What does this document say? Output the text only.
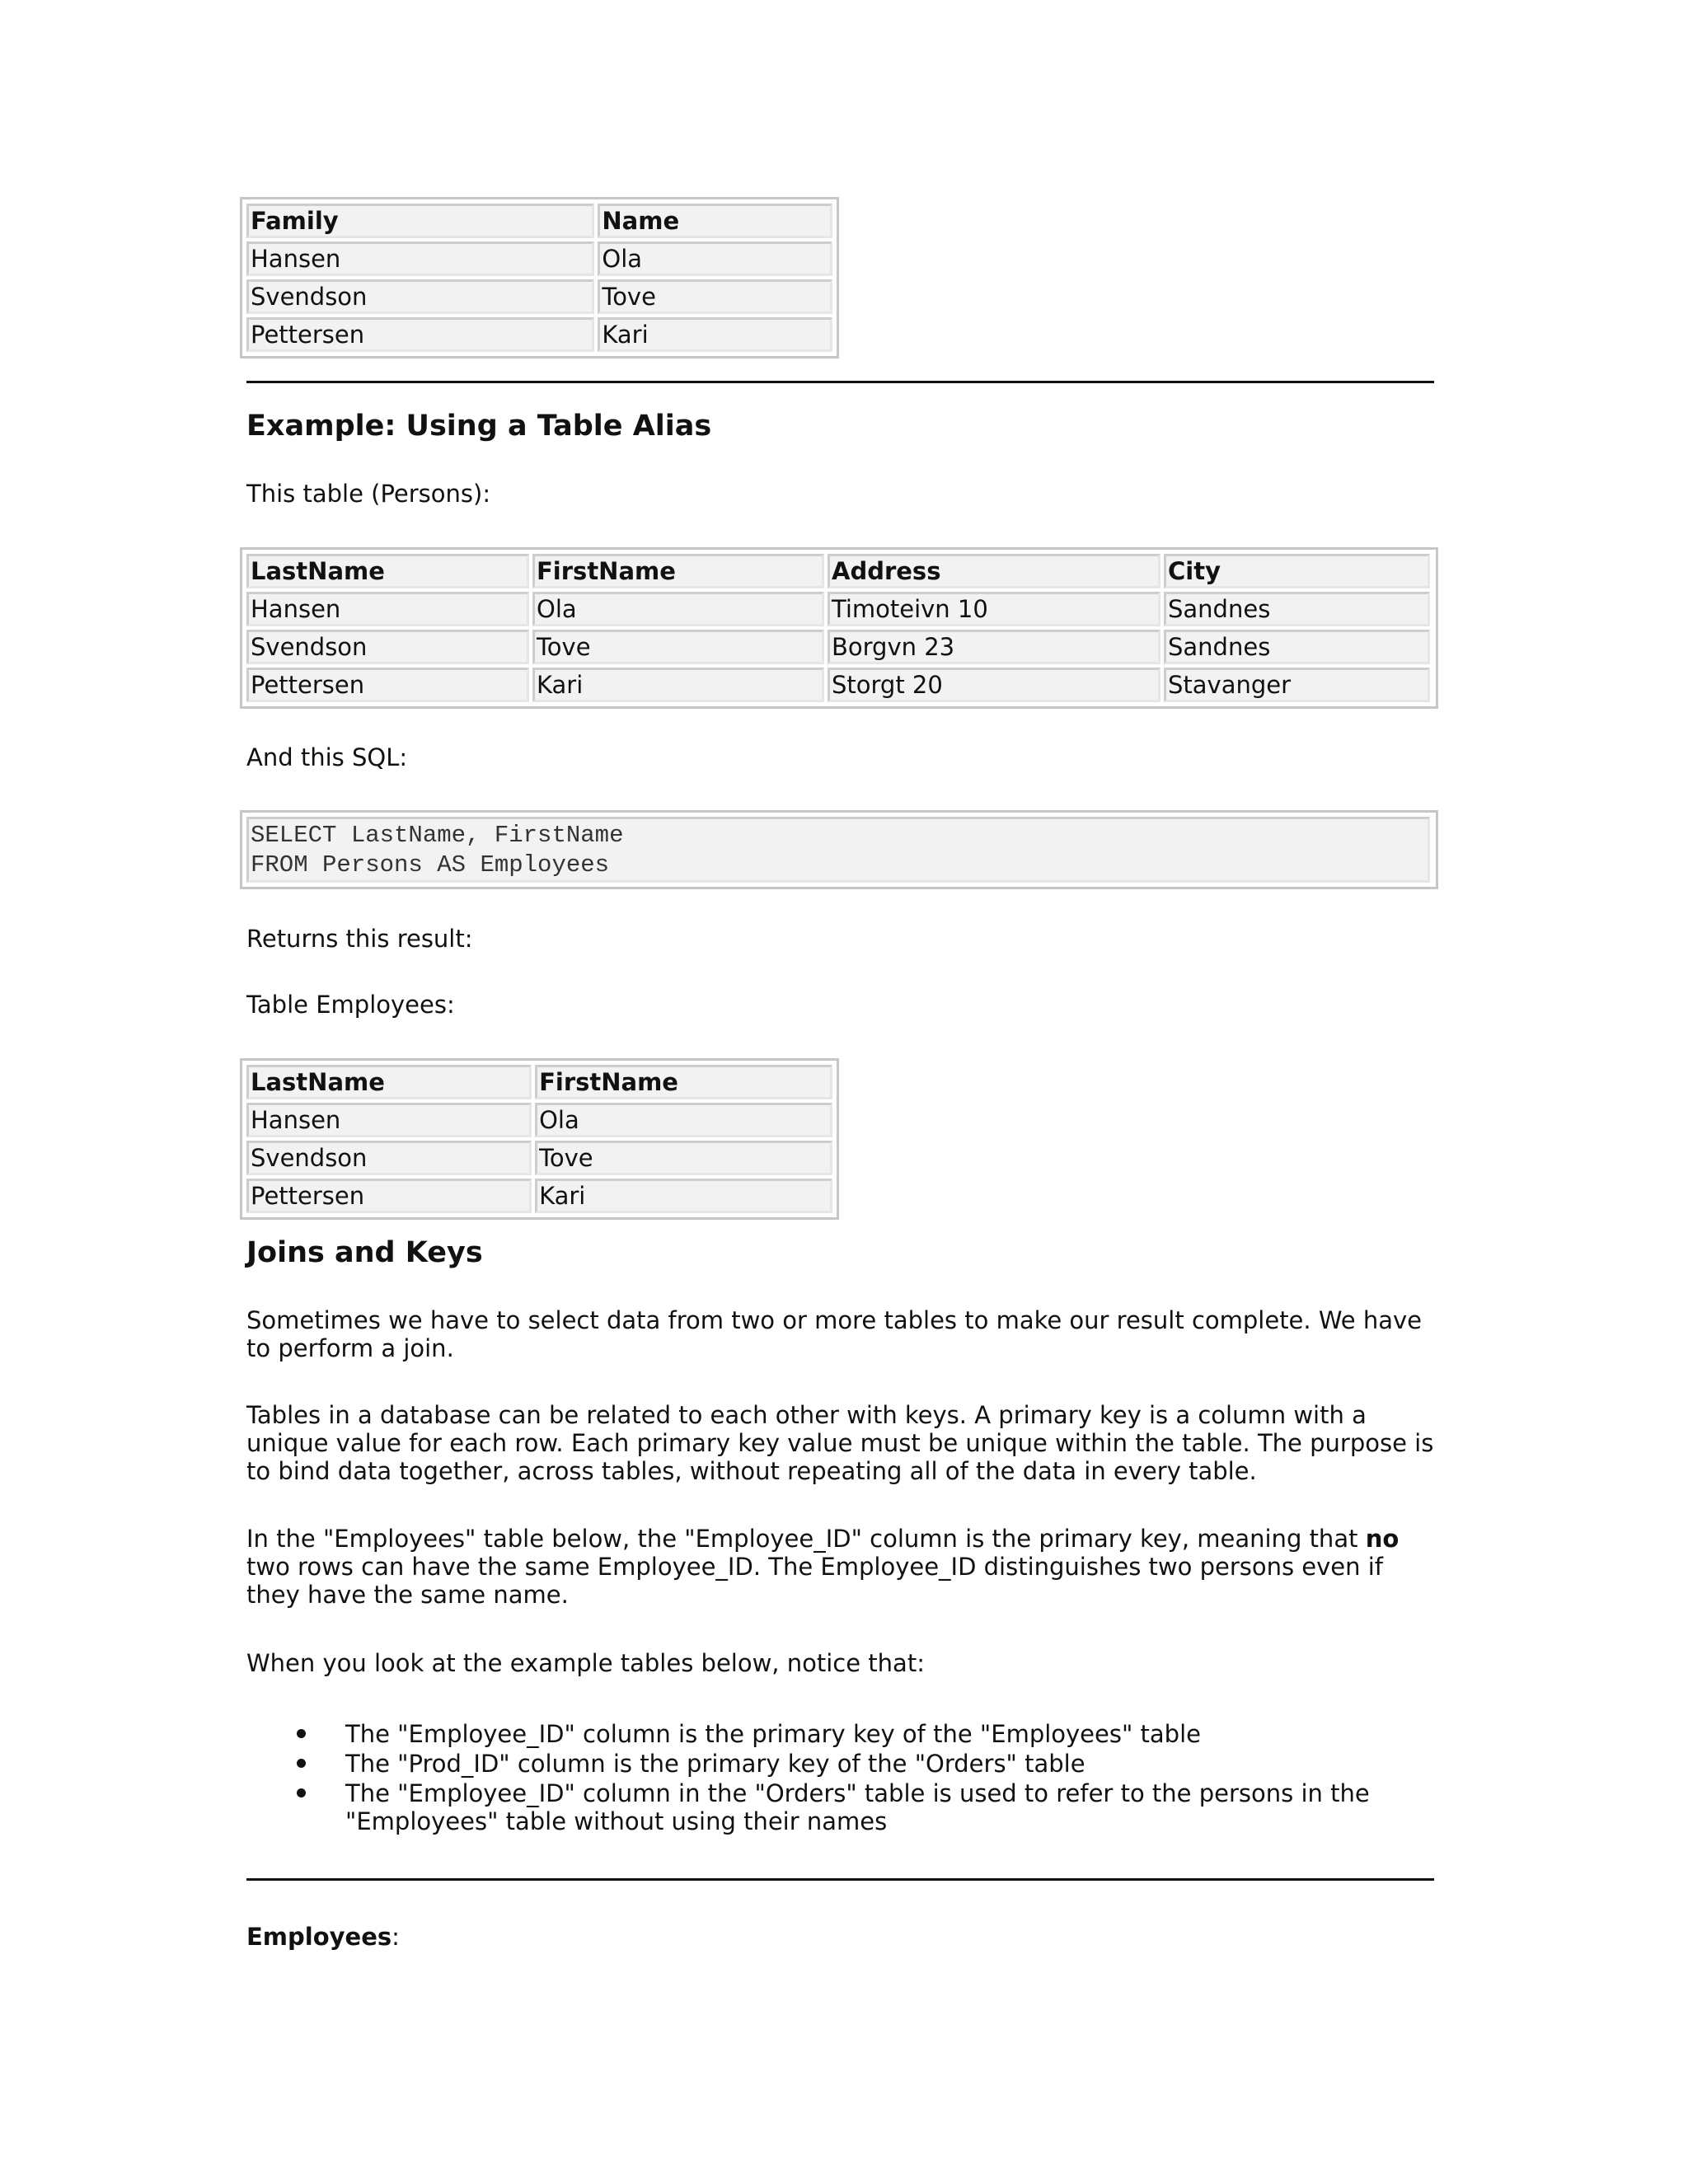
Family	Name
Hansen	Ola
Svendson	Tove
Pettersen	Kari
Example: Using a Table Alias

This table (Persons):

LastName	FirstName	Address	City
Hansen	Ola	Timoteivn 10	Sandnes
Svendson	Tove	Borgvn 23	Sandnes
Pettersen	Kari	Storgt 20	Stavanger

And this SQL:

SELECT LastName, FirstName
FROM Persons AS Employees

Returns this result:

Table Employees:

LastName	FirstName
Hansen	Ola
Svendson	Tove
Pettersen	Kari
Joins and Keys

Sometimes we have to select data from two or more tables to make our result complete. We have to perform a join.

Tables in a database can be related to each other with keys. A primary key is a column with a unique value for each row. Each primary key value must be unique within the table. The purpose is to bind data together, across tables, without repeating all of the data in every table.

In the "Employees" table below, the "Employee_ID" column is the primary key, meaning that no two rows can have the same Employee_ID. The Employee_ID distinguishes two persons even if they have the same name.

When you look at the example tables below, notice that:

The "Employee_ID" column is the primary key of the "Employees" table
The "Prod_ID" column is the primary key of the "Orders" table
The "Employee_ID" column in the "Orders" table is used to refer to the persons in the "Employees" table without using their names

Employees:
